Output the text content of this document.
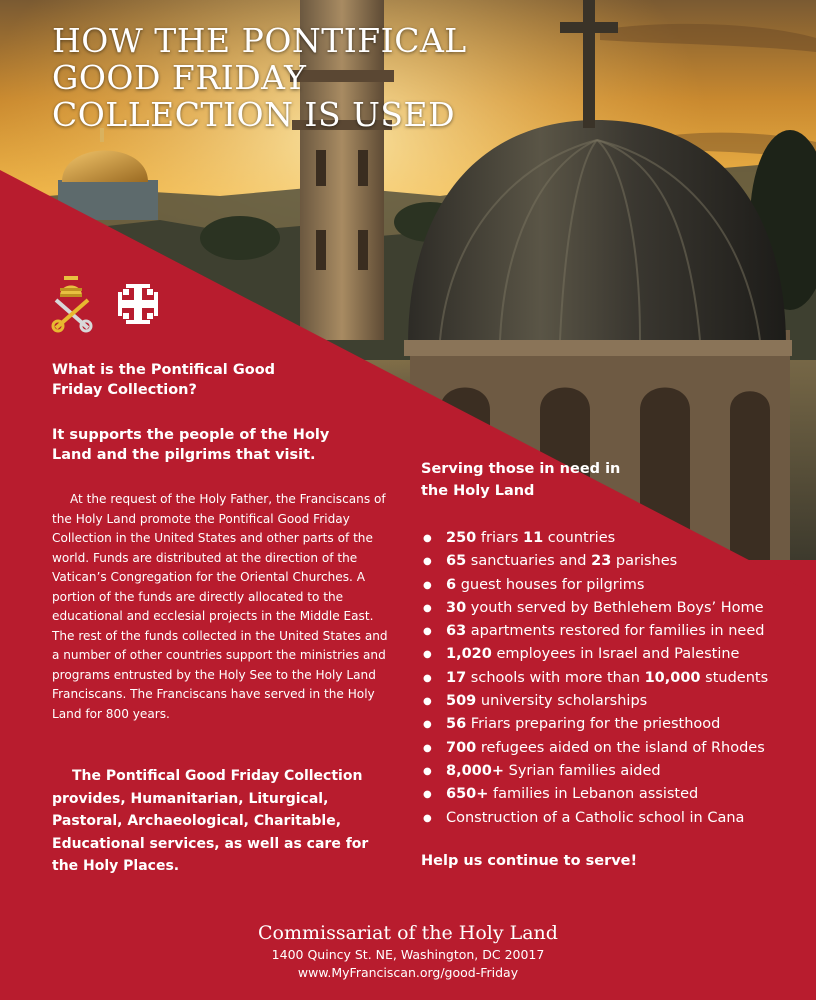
HOW THE PONTIFICAL GOOD FRIDAY COLLECTION IS USED

What is the Pontifical Good Friday Collection?

It supports the people of the Holy Land and the pilgrims that visit.

At the request of the Holy Father, the Franciscans of the Holy Land promote the Pontifical Good Friday Collection in the United States and other parts of the world. Funds are distributed at the direction of the Vatican’s Congregation for the Oriental Churches. A portion of the funds are directly allocated to the educational and ecclesial projects in the Middle East. The rest of the funds collected in the United States and a number of other countries support the ministries and programs entrusted by the Holy See to the Holy Land Franciscans. The Franciscans have served in the Holy Land for 800 years.

The Pontifical Good Friday Collection provides, Humanitarian, Liturgical, Pastoral, Archaeological, Charitable, Educational services, as well as care for the Holy Places.

Serving those in need in the Holy Land

● 250 friars 11 countries
● 65 sanctuaries and 23 parishes
● 6 guest houses for pilgrims
● 30 youth served by Bethlehem Boys’ Home
● 63 apartments restored for families in need
● 1,020 employees in Israel and Palestine
● 17 schools with more than 10,000 students
● 509 university scholarships
● 56 Friars preparing for the priesthood
● 700 refugees aided on the island of Rhodes
● 8,000+ Syrian families aided
● 650+ families in Lebanon assisted
● Construction of a Catholic school in Cana

Help us continue to serve!

Commissariat of the Holy Land

1400 Quincy St. NE, Washington, DC 20017

www.MyFranciscan.org/good-Friday
